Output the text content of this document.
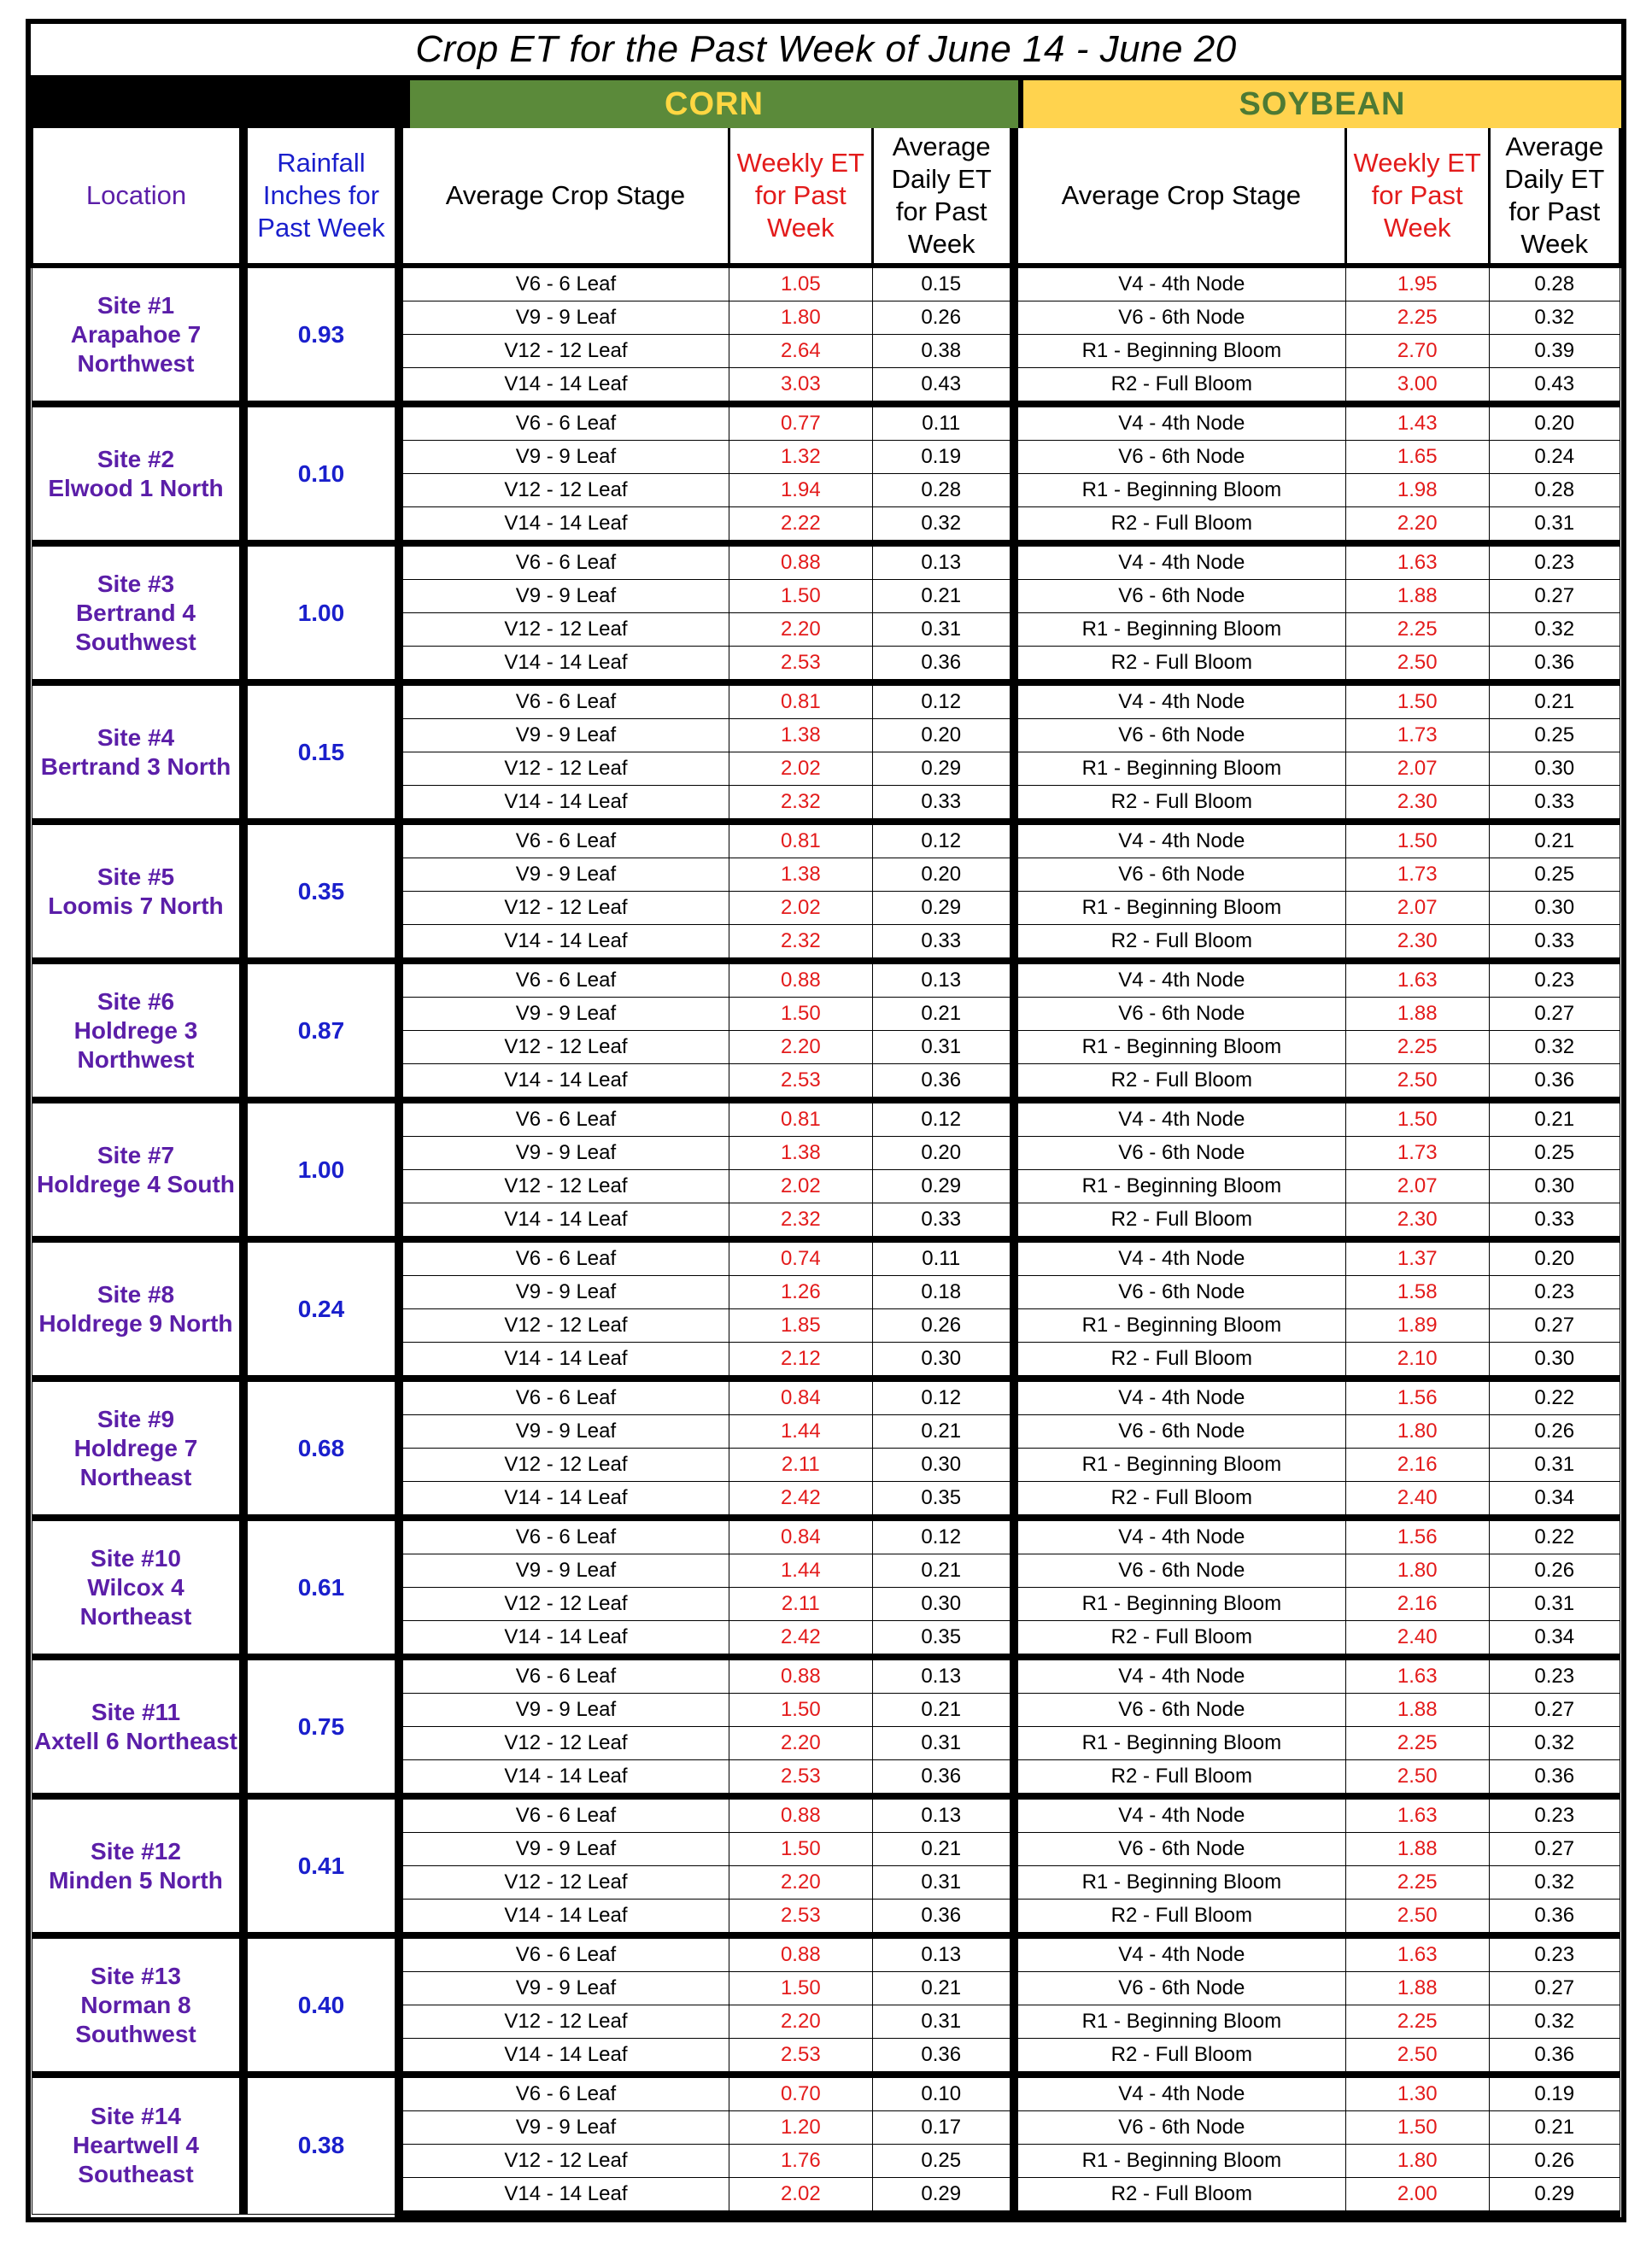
Crop ET for the Past Week of June 14 - June 20
CORN	SOYBEAN
Location	Rainfall Inches for Past Week	Average Crop Stage	Weekly ET for Past Week	Average Daily ET for Past Week	Average Crop Stage	Weekly ET for Past Week	Average Daily ET for Past Week

Site #1
Arapahoe 7
Northwest	0.93	V6 - 6 Leaf	1.05	0.15	V4 - 4th Node	1.95	0.28
		V9 - 9 Leaf	1.80	0.26	V6 - 6th Node	2.25	0.32
		V12 - 12 Leaf	2.64	0.38	R1 - Beginning Bloom	2.70	0.39
		V14 - 14 Leaf	3.03	0.43	R2 - Full Bloom	3.00	0.43

Site #2
Elwood 1 North	0.10	V6 - 6 Leaf	0.77	0.11	V4 - 4th Node	1.43	0.20
		V9 - 9 Leaf	1.32	0.19	V6 - 6th Node	1.65	0.24
		V12 - 12 Leaf	1.94	0.28	R1 - Beginning Bloom	1.98	0.28
		V14 - 14 Leaf	2.22	0.32	R2 - Full Bloom	2.20	0.31

Site #3
Bertrand 4
Southwest	1.00	V6 - 6 Leaf	0.88	0.13	V4 - 4th Node	1.63	0.23
		V9 - 9 Leaf	1.50	0.21	V6 - 6th Node	1.88	0.27
		V12 - 12 Leaf	2.20	0.31	R1 - Beginning Bloom	2.25	0.32
		V14 - 14 Leaf	2.53	0.36	R2 - Full Bloom	2.50	0.36

Site #4
Bertrand 3 North	0.15	V6 - 6 Leaf	0.81	0.12	V4 - 4th Node	1.50	0.21
		V9 - 9 Leaf	1.38	0.20	V6 - 6th Node	1.73	0.25
		V12 - 12 Leaf	2.02	0.29	R1 - Beginning Bloom	2.07	0.30
		V14 - 14 Leaf	2.32	0.33	R2 - Full Bloom	2.30	0.33

Site #5
Loomis 7 North	0.35	V6 - 6 Leaf	0.81	0.12	V4 - 4th Node	1.50	0.21
		V9 - 9 Leaf	1.38	0.20	V6 - 6th Node	1.73	0.25
		V12 - 12 Leaf	2.02	0.29	R1 - Beginning Bloom	2.07	0.30
		V14 - 14 Leaf	2.32	0.33	R2 - Full Bloom	2.30	0.33

Site #6
Holdrege 3
Northwest	0.87	V6 - 6 Leaf	0.88	0.13	V4 - 4th Node	1.63	0.23
		V9 - 9 Leaf	1.50	0.21	V6 - 6th Node	1.88	0.27
		V12 - 12 Leaf	2.20	0.31	R1 - Beginning Bloom	2.25	0.32
		V14 - 14 Leaf	2.53	0.36	R2 - Full Bloom	2.50	0.36

Site #7
Holdrege 4 South	1.00	V6 - 6 Leaf	0.81	0.12	V4 - 4th Node	1.50	0.21
		V9 - 9 Leaf	1.38	0.20	V6 - 6th Node	1.73	0.25
		V12 - 12 Leaf	2.02	0.29	R1 - Beginning Bloom	2.07	0.30
		V14 - 14 Leaf	2.32	0.33	R2 - Full Bloom	2.30	0.33

Site #8
Holdrege 9 North	0.24	V6 - 6 Leaf	0.74	0.11	V4 - 4th Node	1.37	0.20
		V9 - 9 Leaf	1.26	0.18	V6 - 6th Node	1.58	0.23
		V12 - 12 Leaf	1.85	0.26	R1 - Beginning Bloom	1.89	0.27
		V14 - 14 Leaf	2.12	0.30	R2 - Full Bloom	2.10	0.30

Site #9
Holdrege 7
Northeast	0.68	V6 - 6 Leaf	0.84	0.12	V4 - 4th Node	1.56	0.22
		V9 - 9 Leaf	1.44	0.21	V6 - 6th Node	1.80	0.26
		V12 - 12 Leaf	2.11	0.30	R1 - Beginning Bloom	2.16	0.31
		V14 - 14 Leaf	2.42	0.35	R2 - Full Bloom	2.40	0.34

Site #10
Wilcox 4
Northeast	0.61	V6 - 6 Leaf	0.84	0.12	V4 - 4th Node	1.56	0.22
		V9 - 9 Leaf	1.44	0.21	V6 - 6th Node	1.80	0.26
		V12 - 12 Leaf	2.11	0.30	R1 - Beginning Bloom	2.16	0.31
		V14 - 14 Leaf	2.42	0.35	R2 - Full Bloom	2.40	0.34

Site #11
Axtell 6 Northeast	0.75	V6 - 6 Leaf	0.88	0.13	V4 - 4th Node	1.63	0.23
		V9 - 9 Leaf	1.50	0.21	V6 - 6th Node	1.88	0.27
		V12 - 12 Leaf	2.20	0.31	R1 - Beginning Bloom	2.25	0.32
		V14 - 14 Leaf	2.53	0.36	R2 - Full Bloom	2.50	0.36

Site #12
Minden 5 North	0.41	V6 - 6 Leaf	0.88	0.13	V4 - 4th Node	1.63	0.23
		V9 - 9 Leaf	1.50	0.21	V6 - 6th Node	1.88	0.27
		V12 - 12 Leaf	2.20	0.31	R1 - Beginning Bloom	2.25	0.32
		V14 - 14 Leaf	2.53	0.36	R2 - Full Bloom	2.50	0.36

Site #13
Norman 8
Southwest	0.40	V6 - 6 Leaf	0.88	0.13	V4 - 4th Node	1.63	0.23
		V9 - 9 Leaf	1.50	0.21	V6 - 6th Node	1.88	0.27
		V12 - 12 Leaf	2.20	0.31	R1 - Beginning Bloom	2.25	0.32
		V14 - 14 Leaf	2.53	0.36	R2 - Full Bloom	2.50	0.36

Site #14
Heartwell 4
Southeast	0.38	V6 - 6 Leaf	0.70	0.10	V4 - 4th Node	1.30	0.19
		V9 - 9 Leaf	1.20	0.17	V6 - 6th Node	1.50	0.21
		V12 - 12 Leaf	1.76	0.25	R1 - Beginning Bloom	1.80	0.26
		V14 - 14 Leaf	2.02	0.29	R2 - Full Bloom	2.00	0.29
